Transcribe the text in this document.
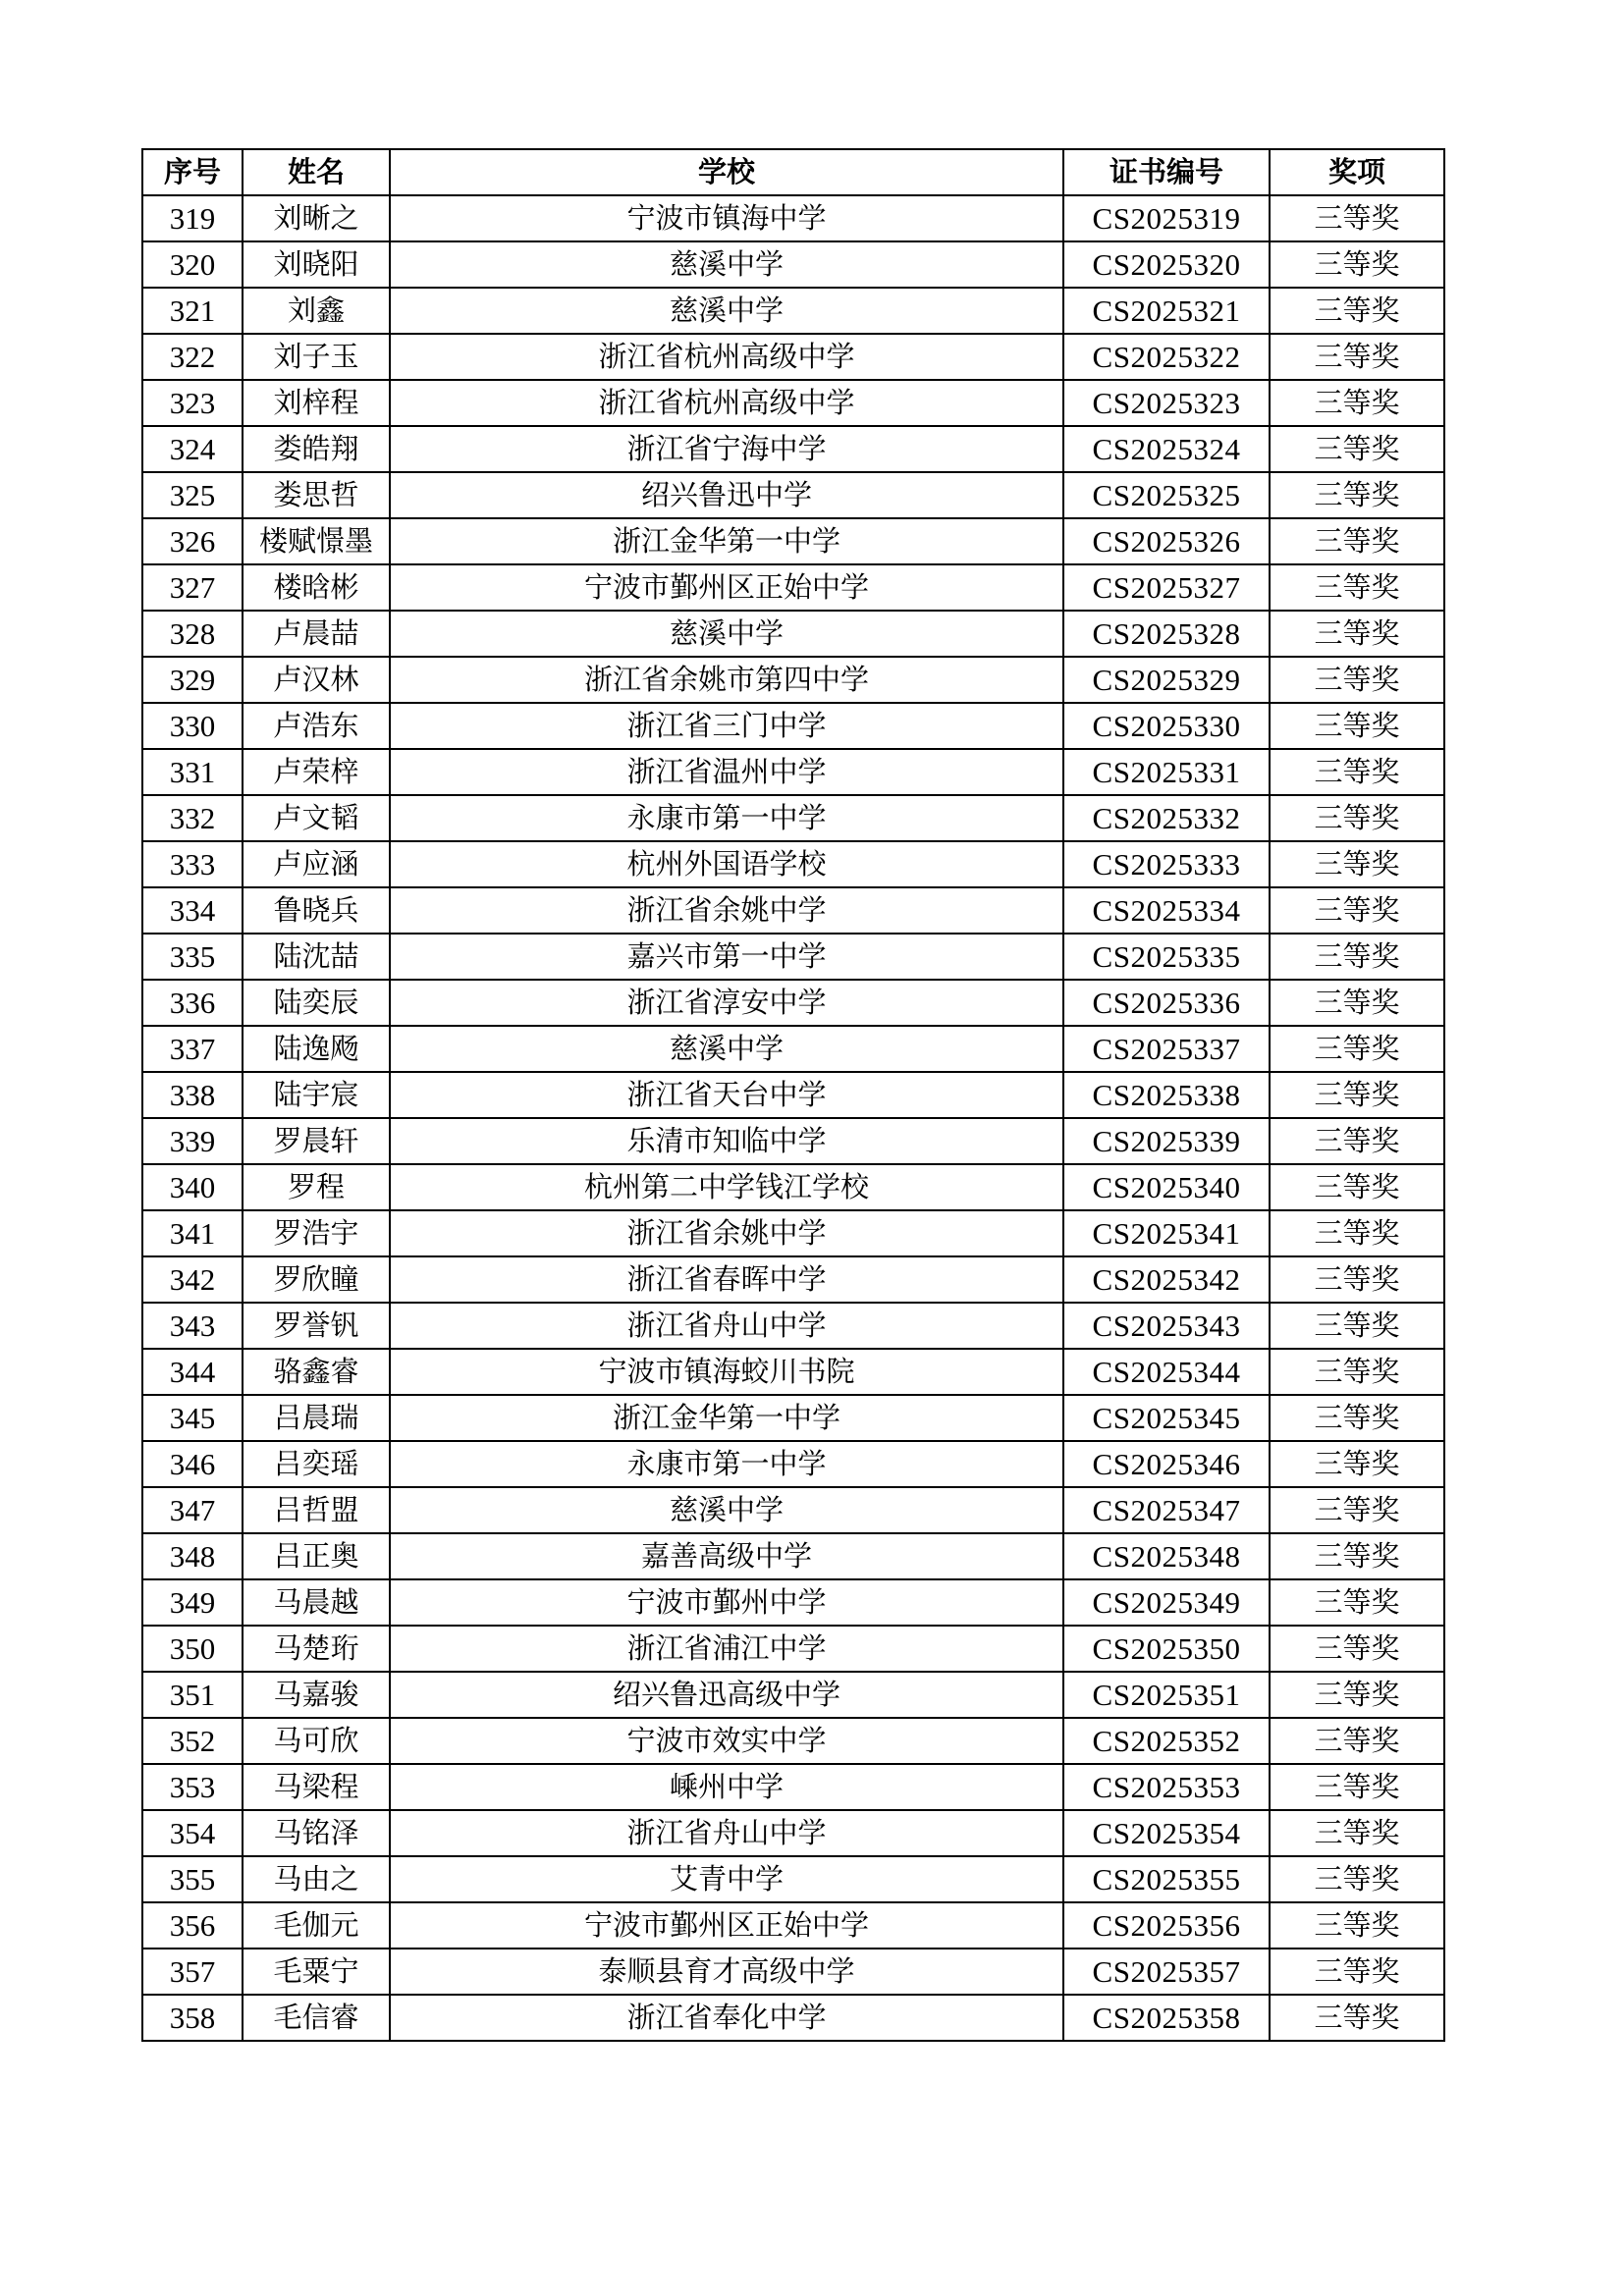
序号	姓名	学校	证书编号	奖项
319	刘晰之	宁波市镇海中学	CS2025319	三等奖
320	刘晓阳	慈溪中学	CS2025320	三等奖
321	刘鑫	慈溪中学	CS2025321	三等奖
322	刘子玉	浙江省杭州高级中学	CS2025322	三等奖
323	刘梓程	浙江省杭州高级中学	CS2025323	三等奖
324	娄皓翔	浙江省宁海中学	CS2025324	三等奖
325	娄思哲	绍兴鲁迅中学	CS2025325	三等奖
326	楼赋憬墨	浙江金华第一中学	CS2025326	三等奖
327	楼晗彬	宁波市鄞州区正始中学	CS2025327	三等奖
328	卢晨喆	慈溪中学	CS2025328	三等奖
329	卢汉林	浙江省余姚市第四中学	CS2025329	三等奖
330	卢浩东	浙江省三门中学	CS2025330	三等奖
331	卢荣梓	浙江省温州中学	CS2025331	三等奖
332	卢文韬	永康市第一中学	CS2025332	三等奖
333	卢应涵	杭州外国语学校	CS2025333	三等奖
334	鲁晓兵	浙江省余姚中学	CS2025334	三等奖
335	陆沈喆	嘉兴市第一中学	CS2025335	三等奖
336	陆奕辰	浙江省淳安中学	CS2025336	三等奖
337	陆逸飏	慈溪中学	CS2025337	三等奖
338	陆宇宸	浙江省天台中学	CS2025338	三等奖
339	罗晨轩	乐清市知临中学	CS2025339	三等奖
340	罗程	杭州第二中学钱江学校	CS2025340	三等奖
341	罗浩宇	浙江省余姚中学	CS2025341	三等奖
342	罗欣瞳	浙江省春晖中学	CS2025342	三等奖
343	罗誉钒	浙江省舟山中学	CS2025343	三等奖
344	骆鑫睿	宁波市镇海蛟川书院	CS2025344	三等奖
345	吕晨瑞	浙江金华第一中学	CS2025345	三等奖
346	吕奕瑶	永康市第一中学	CS2025346	三等奖
347	吕哲盟	慈溪中学	CS2025347	三等奖
348	吕正奥	嘉善高级中学	CS2025348	三等奖
349	马晨越	宁波市鄞州中学	CS2025349	三等奖
350	马楚珩	浙江省浦江中学	CS2025350	三等奖
351	马嘉骏	绍兴鲁迅高级中学	CS2025351	三等奖
352	马可欣	宁波市效实中学	CS2025352	三等奖
353	马梁程	嵊州中学	CS2025353	三等奖
354	马铭泽	浙江省舟山中学	CS2025354	三等奖
355	马由之	艾青中学	CS2025355	三等奖
356	毛伽元	宁波市鄞州区正始中学	CS2025356	三等奖
357	毛粟宁	泰顺县育才高级中学	CS2025357	三等奖
358	毛信睿	浙江省奉化中学	CS2025358	三等奖
